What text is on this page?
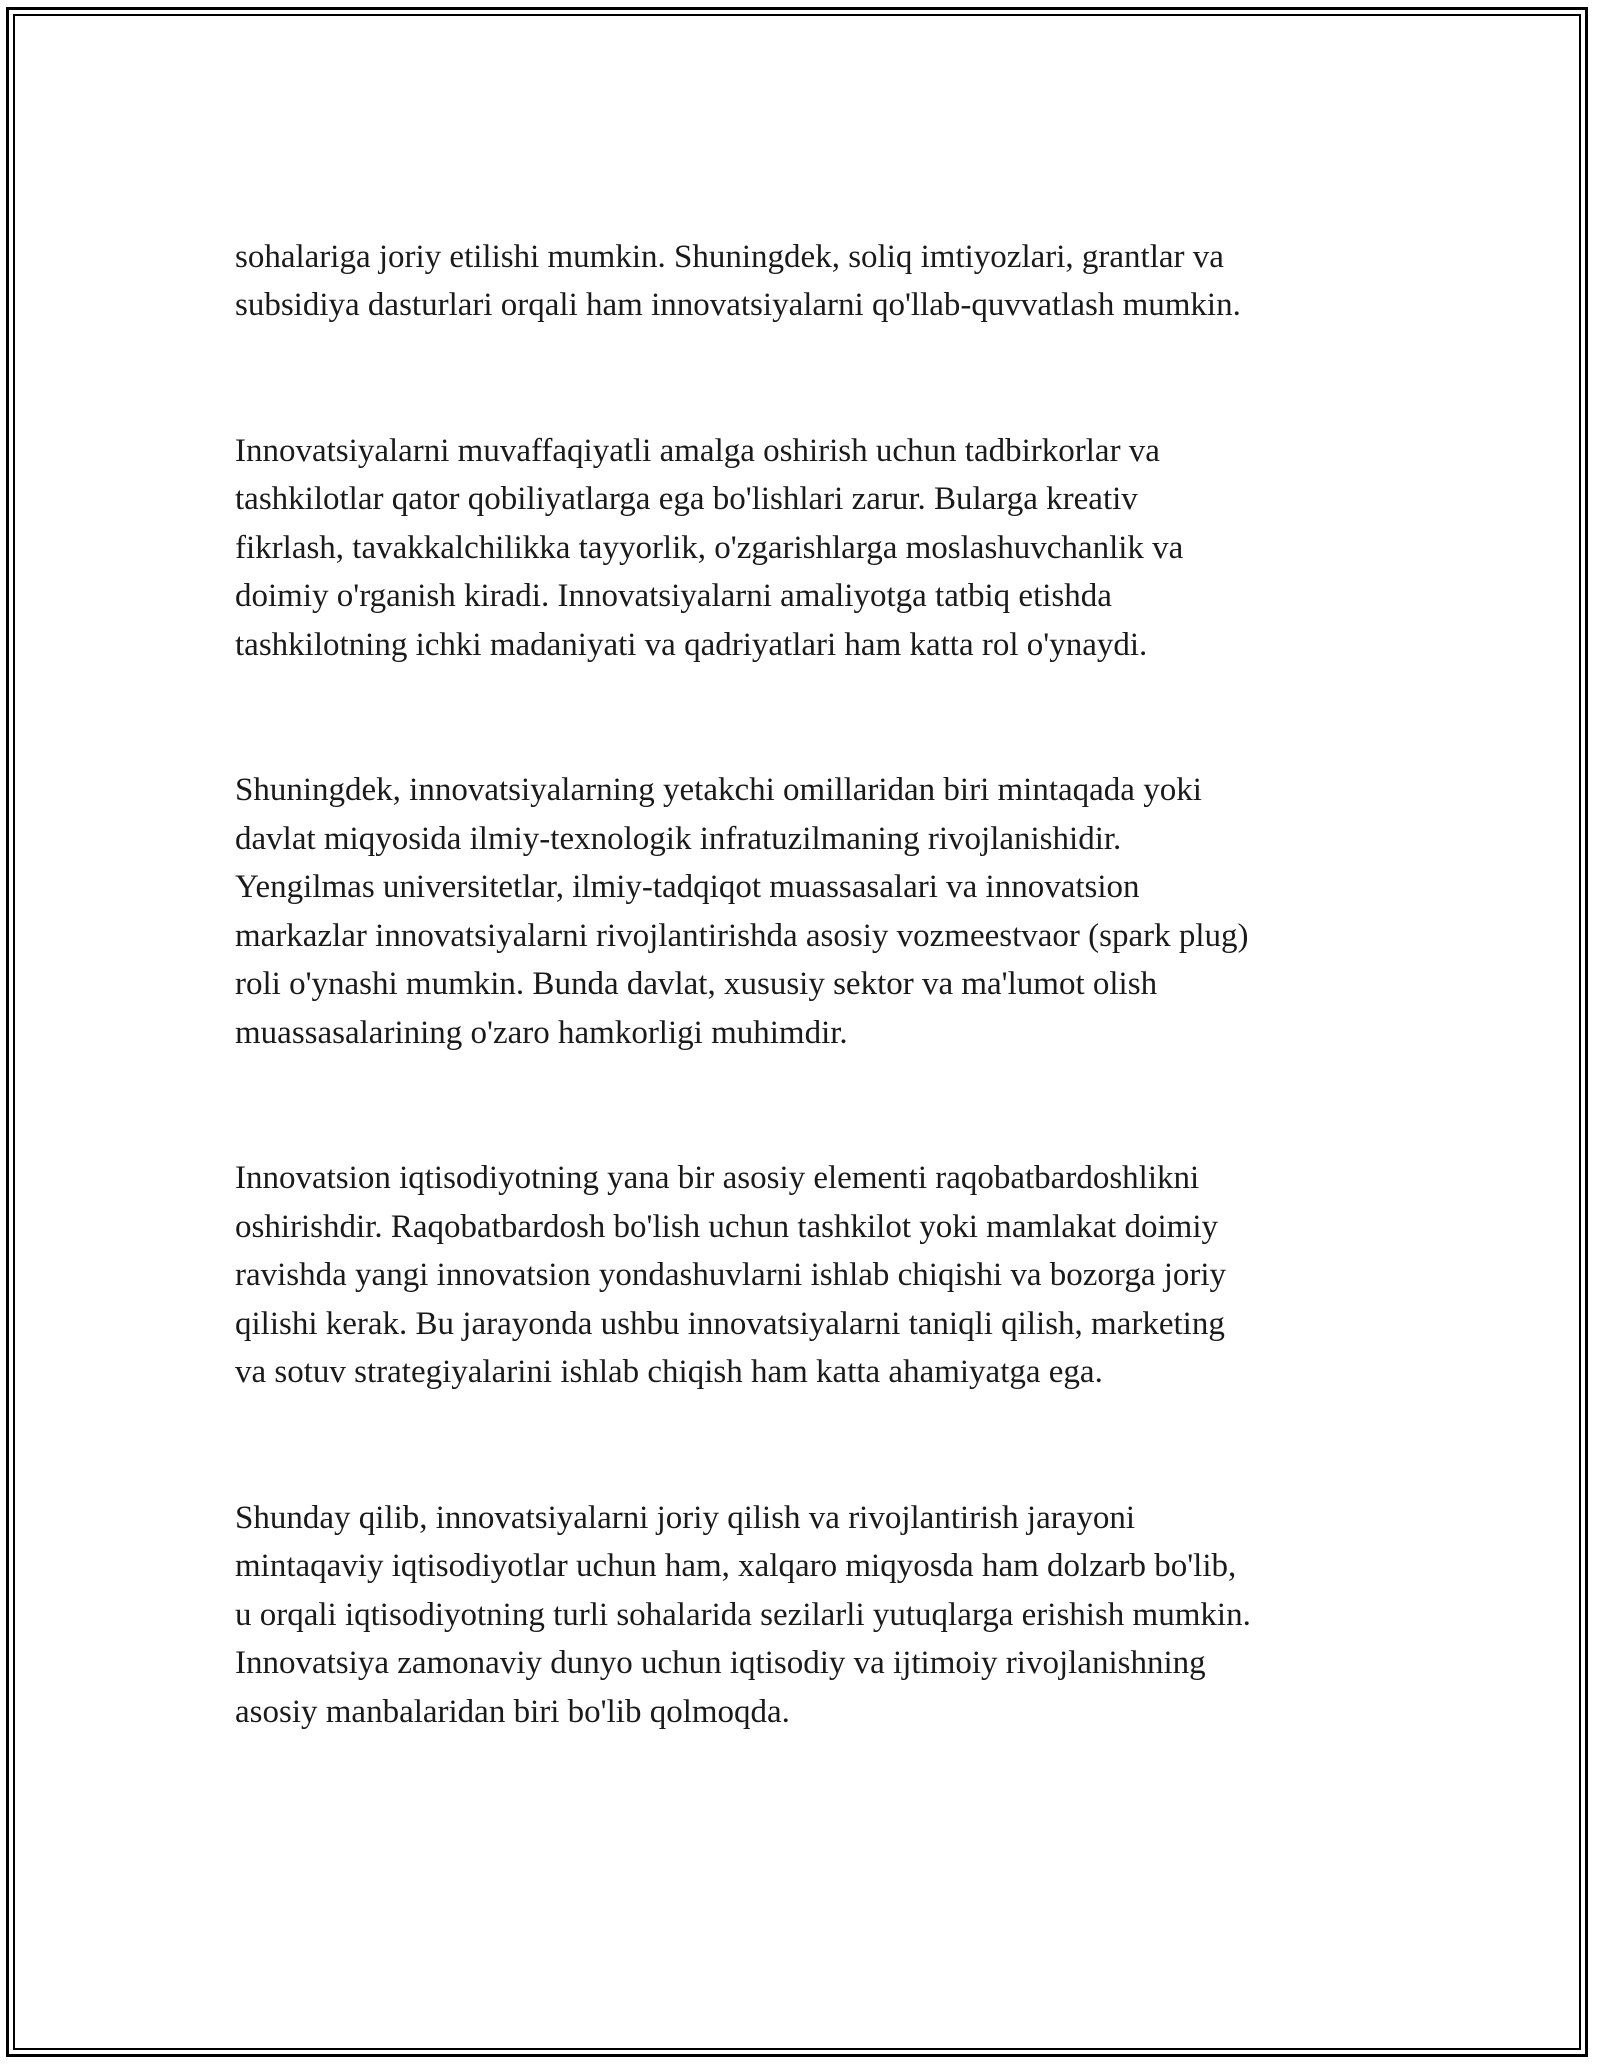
sohalariga joriy etilishi mumkin. Shuningdek, soliq imtiyozlari, grantlar va
subsidiya dasturlari orqali ham innovatsiyalarni qo'llab-quvvatlash mumkin.

Innovatsiyalarni muvaffaqiyatli amalga oshirish uchun tadbirkorlar va
tashkilotlar qator qobiliyatlarga ega bo'lishlari zarur. Bularga kreativ
fikrlash, tavakkalchilikka tayyorlik, o'zgarishlarga moslashuvchanlik va
doimiy o'rganish kiradi. Innovatsiyalarni amaliyotga tatbiq etishda
tashkilotning ichki madaniyati va qadriyatlari ham katta rol o'ynaydi.

Shuningdek, innovatsiyalarning yetakchi omillaridan biri mintaqada yoki
davlat miqyosida ilmiy-texnologik infratuzilmaning rivojlanishidir.
Yengilmas universitetlar, ilmiy-tadqiqot muassasalari va innovatsion
markazlar innovatsiyalarni rivojlantirishda asosiy vozmeestvaor (spark plug)
roli o'ynashi mumkin. Bunda davlat, xususiy sektor va ma'lumot olish
muassasalarining o'zaro hamkorligi muhimdir.

Innovatsion iqtisodiyotning yana bir asosiy elementi raqobatbardoshlikni
oshirishdir. Raqobatbardosh bo'lish uchun tashkilot yoki mamlakat doimiy
ravishda yangi innovatsion yondashuvlarni ishlab chiqishi va bozorga joriy
qilishi kerak. Bu jarayonda ushbu innovatsiyalarni taniqli qilish, marketing
va sotuv strategiyalarini ishlab chiqish ham katta ahamiyatga ega.

Shunday qilib, innovatsiyalarni joriy qilish va rivojlantirish jarayoni
mintaqaviy iqtisodiyotlar uchun ham, xalqaro miqyosda ham dolzarb bo'lib,
u orqali iqtisodiyotning turli sohalarida sezilarli yutuqlarga erishish mumkin.
Innovatsiya zamonaviy dunyo uchun iqtisodiy va ijtimoiy rivojlanishning
asosiy manbalaridan biri bo'lib qolmoqda.
